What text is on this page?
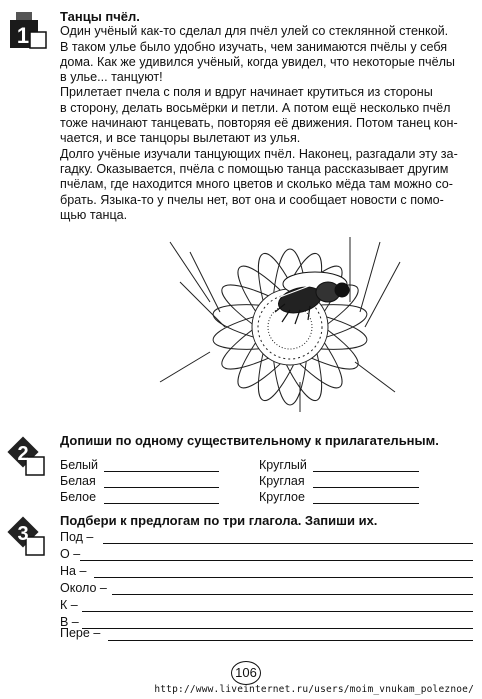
1
Танцы пчёл.

Один учёный как-то сделал для пчёл улей со стеклянной стенкой.

В таком улье было удобно изучать, чем занимаются пчёлы у себя

дома. Как же удивился учёный, когда увидел, что некоторые пчёлы

в улье... танцуют!

Прилетает пчела с поля и вдруг начинает крутиться из стороны

в сторону, делать восьмёрки и петли. А потом ещё несколько пчёл

тоже начинают танцевать, повторяя её движения. Потом танец кон-

чается, и все танцоры вылетают из улья.

Долго учёные изучали танцующих пчёл. Наконец, разгадали эту за-

гадку. Оказывается, пчёла с помощью танца рассказывает другим

пчёлам, где находится много цветов и сколько мёда там можно со-

брать. Языка-то у пчелы нет, вот она и сообщает новости с помо-

щью танца.

2
Допиши по одному существительному к прилагательным.
Белый
Белая
Белое
Круглый
Круглая
Круглое
3
Подбери к предлогам по три глагола. Запиши их.
Под –
О –
На –
Около –
К –
В –
Пере –
106
http://www.liveinternet.ru/users/moim_vnukam_poleznoe/
